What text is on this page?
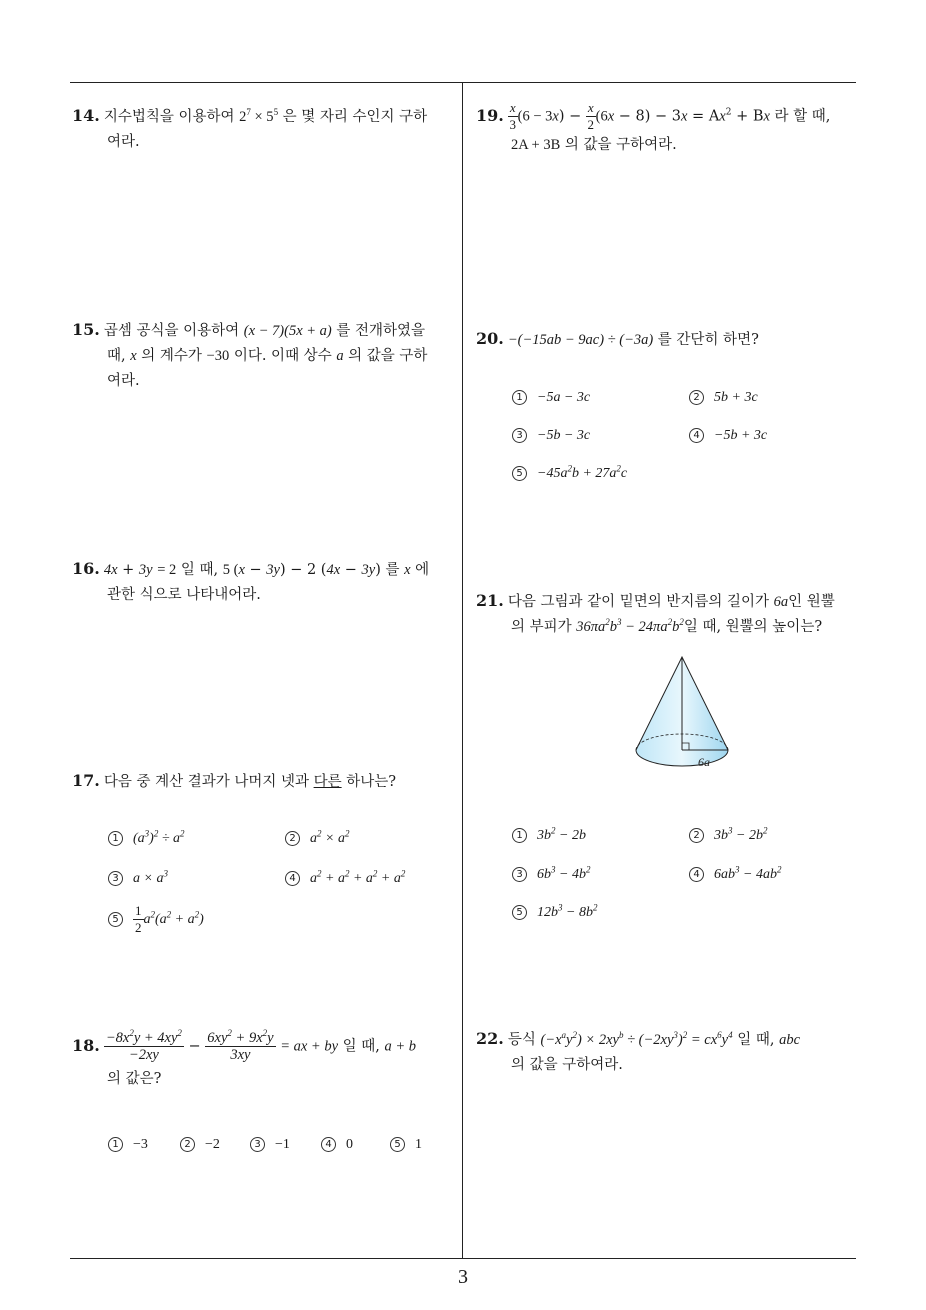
14. 지수법칙을 이용하여 $2^7 \times 5^5$ 은 몇 자리 수인지 구하
여라.
15. 곱셈 공식을 이용하여 (x − 7)(5x + a) 를 전개하였을
때, x 의 계수가 −30 이다. 이때 상수 a 의 값을 구하
여라.
16. 4x + 3y = 2 일 때, 5 (x − 3y) − 2 (4x − 3y) 를 x 에
관한 식으로 나타내어라.
17. 다음 중 계산 결과가 나머지 넷과 다른 하나는?
1 $(a^3)^2 \div a^2$	2 $a^2 \times a^2$
3 $a \times a^3$	4 $a^2 + a^2 + a^2 + a^2$
$5 \frac{1}{2} a^2(a^2 + a^2)$
18. $\frac{-8x^2y + 4xy^2}{-2xy} - \frac{6xy^2 + 9x^2y}{3xy}$ = ax + by 일 때, a + b
의 값은?
1 −3	2 −2	3 −1	4 0	5 1
19. $\frac{x}{3} (6 - 3x) - \frac{x}{2} (6x - 8) - 3x = Ax^2 + Bx$ 라 할 때,
2A + 3B 의 값을 구하여라.
20. −(−15ab − 9ac) ÷ (−3a) 를 간단히 하면?
1 −5a − 3c	2 5b + 3c
3 −5b − 3c	4 −5b + 3c
$5 -45a^2b + 27a^2c$
21. 다음 그림과 같이 밑면의 반지름의 길이가 6a인 원뿔
의 부피가 $36\pi a^2b^3 - 24\pi a^2b^2$일 때, 원뿔의 높이는?
6a
1 $3b^2 - 2b$	2 $3b^3 - 2b^2$
3 $6b^3 - 4b^2$	4 $6ab^3 - 4ab^2$
5 $12b^3 - 8b^2$
22. 등식 $(-x^ay^2) \times 2xy^b \div (-2xy^3)^2 = cx^6y^4$ 일 때, abc
의 값을 구하여라.
3
